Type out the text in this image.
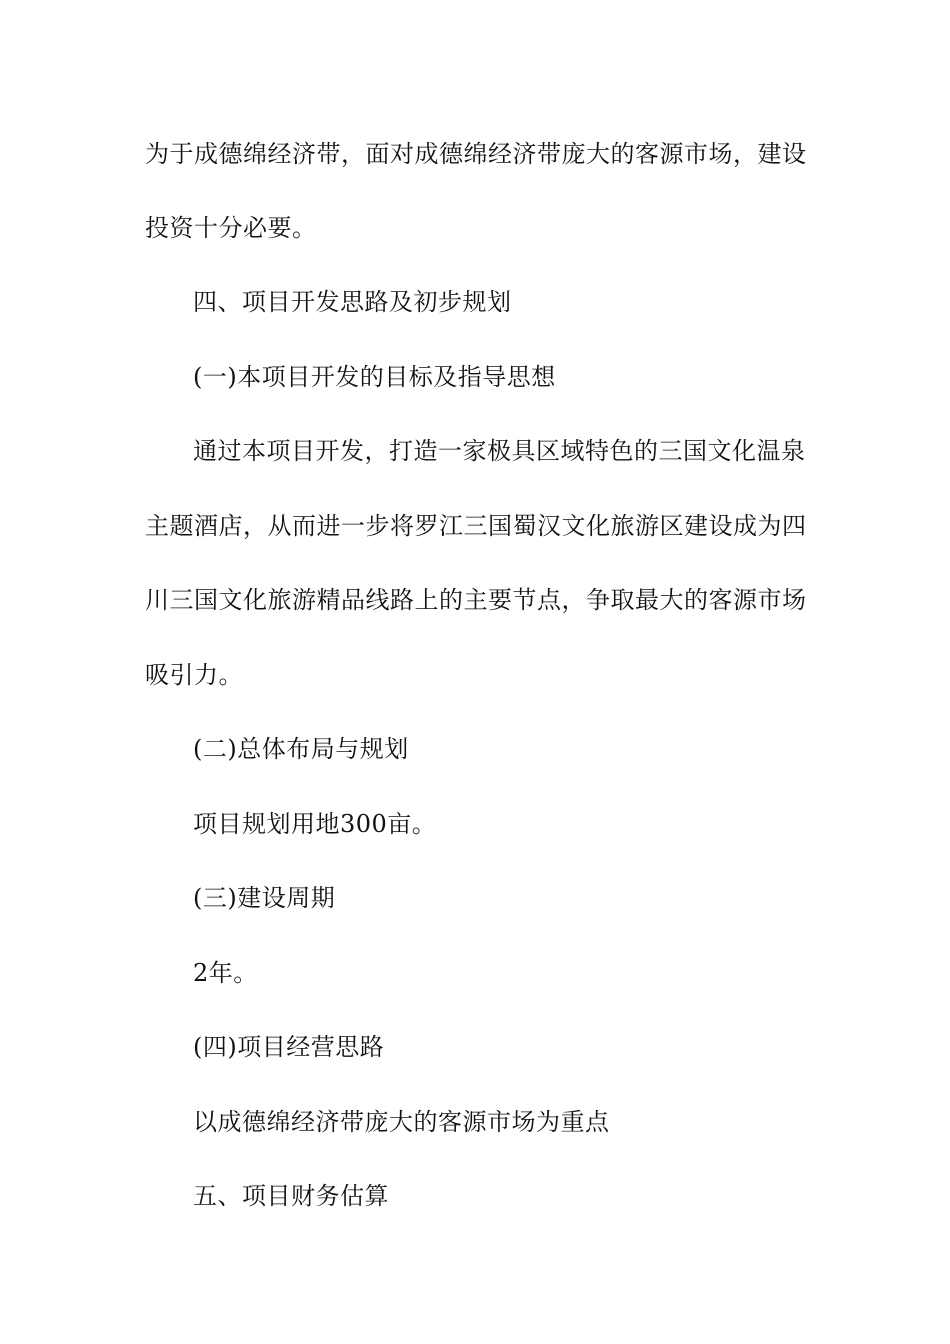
为于成德绵经济带，面对成德绵经济带庞大的客源市场，建设
投资十分必要。
四、项目开发思路及初步规划
(一)本项目开发的目标及指导思想
通过本项目开发，打造一家极具区域特色的三国文化温泉
主题酒店，从而进一步将罗江三国蜀汉文化旅游区建设成为四
川三国文化旅游精品线路上的主要节点，争取最大的客源市场
吸引力。
(二)总体布局与规划
项目规划用地300亩。
(三)建设周期
2年。
(四)项目经营思路
以成德绵经济带庞大的客源市场为重点
五、项目财务估算
